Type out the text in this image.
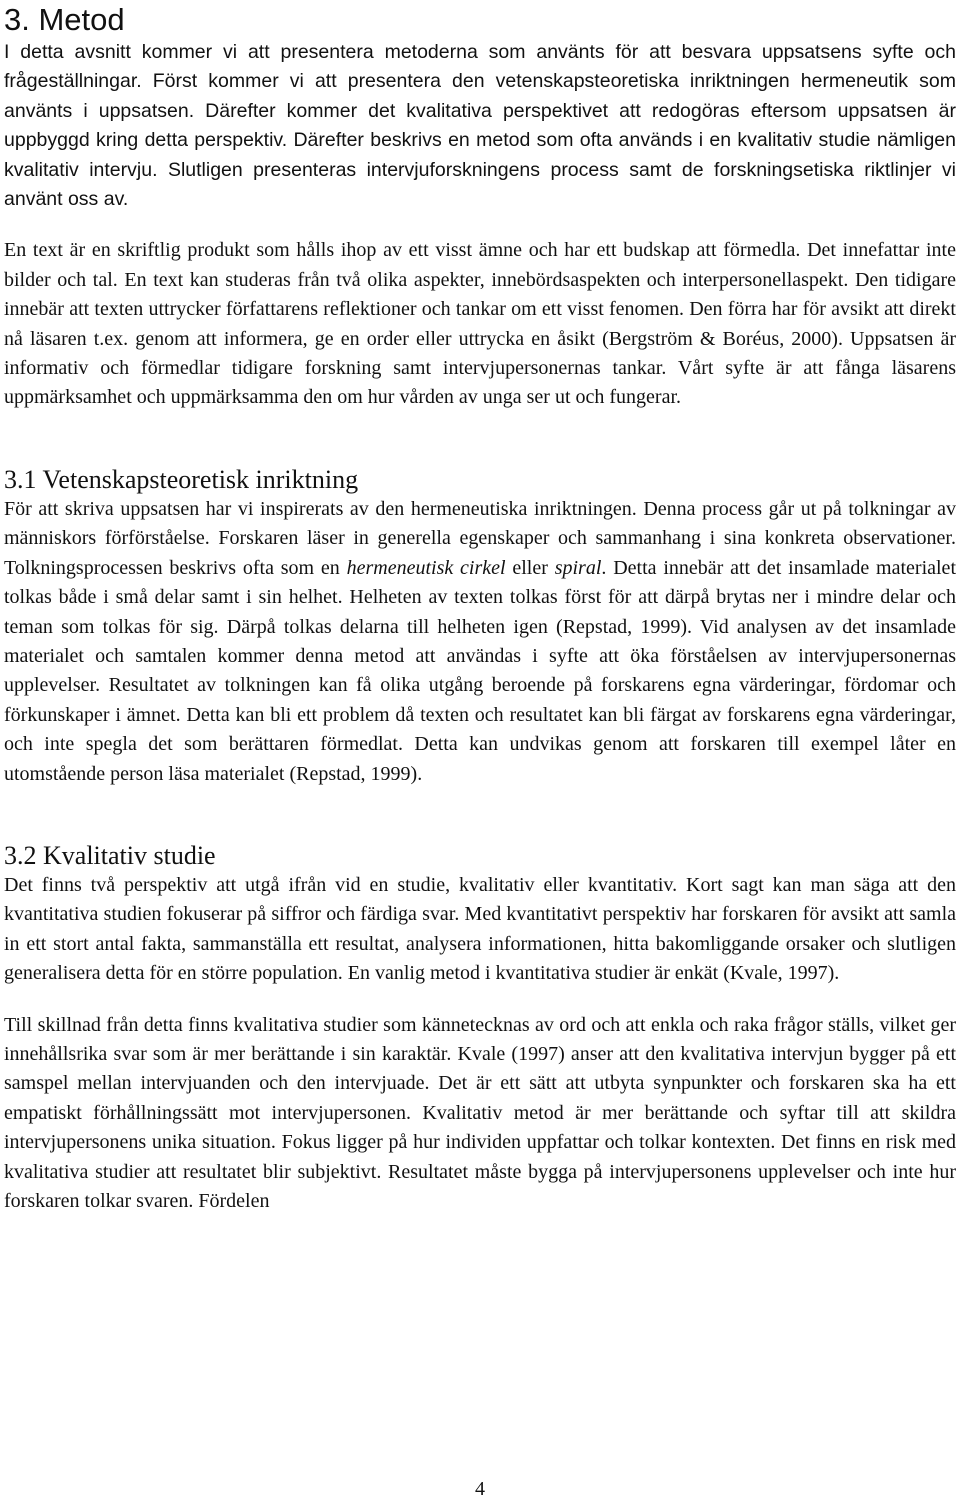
3. Metod

I detta avsnitt kommer vi att presentera metoderna som använts för att besvara uppsatsens syfte och frågeställningar. Först kommer vi att presentera den vetenskapsteoretiska inriktningen hermeneutik som använts i uppsatsen. Därefter kommer det kvalitativa perspektivet att redogöras eftersom uppsatsen är uppbyggd kring detta perspektiv. Därefter beskrivs en metod som ofta används i en kvalitativ studie nämligen kvalitativ intervju. Slutligen presenteras intervjuforskningens process samt de forskningsetiska riktlinjer vi använt oss av.

En text är en skriftlig produkt som hålls ihop av ett visst ämne och har ett budskap att förmedla. Det innefattar inte bilder och tal. En text kan studeras från två olika aspekter, innebördsaspekten och interpersonellaspekt. Den tidigare innebär att texten uttrycker författarens reflektioner och tankar om ett visst fenomen. Den förra har för avsikt att direkt nå läsaren t.ex. genom att informera, ge en order eller uttrycka en åsikt (Bergström & Boréus, 2000). Uppsatsen är informativ och förmedlar tidigare forskning samt intervjupersonernas tankar. Vårt syfte är att fånga läsarens uppmärksamhet och uppmärksamma den om hur vården av unga ser ut och fungerar.

3.1 Vetenskapsteoretisk inriktning

För att skriva uppsatsen har vi inspirerats av den hermeneutiska inriktningen. Denna process går ut på tolkningar av människors förförståelse. Forskaren läser in generella egenskaper och sammanhang i sina konkreta observationer. Tolkningsprocessen beskrivs ofta som en hermeneutisk cirkel eller spiral. Detta innebär att det insamlade materialet tolkas både i små delar samt i sin helhet. Helheten av texten tolkas först för att därpå brytas ner i mindre delar och teman som tolkas för sig. Därpå tolkas delarna till helheten igen (Repstad, 1999). Vid analysen av det insamlade materialet och samtalen kommer denna metod att användas i syfte att öka förståelsen av intervjupersonernas upplevelser. Resultatet av tolkningen kan få olika utgång beroende på forskarens egna värderingar, fördomar och förkunskaper i ämnet. Detta kan bli ett problem då texten och resultatet kan bli färgat av forskarens egna värderingar, och inte spegla det som berättaren förmedlat. Detta kan undvikas genom att forskaren till exempel låter en utomstående person läsa materialet (Repstad, 1999).

3.2 Kvalitativ studie

Det finns två perspektiv att utgå ifrån vid en studie, kvalitativ eller kvantitativ. Kort sagt kan man säga att den kvantitativa studien fokuserar på siffror och färdiga svar. Med kvantitativt perspektiv har forskaren för avsikt att samla in ett stort antal fakta, sammanställa ett resultat, analysera informationen, hitta bakomliggande orsaker och slutligen generalisera detta för en större population. En vanlig metod i kvantitativa studier är enkät (Kvale, 1997).

Till skillnad från detta finns kvalitativa studier som kännetecknas av ord och att enkla och raka frågor ställs, vilket ger innehållsrika svar som är mer berättande i sin karaktär. Kvale (1997) anser att den kvalitativa intervjun bygger på ett samspel mellan intervjuanden och den intervjuade. Det är ett sätt att utbyta synpunkter och forskaren ska ha ett empatiskt förhållningssätt mot intervjupersonen. Kvalitativ metod är mer berättande och syftar till att skildra intervjupersonens unika situation. Fokus ligger på hur individen uppfattar och tolkar kontexten. Det finns en risk med kvalitativa studier att resultatet blir subjektivt. Resultatet måste bygga på intervjupersonens upplevelser och inte hur forskaren tolkar svaren. Fördelen

4
